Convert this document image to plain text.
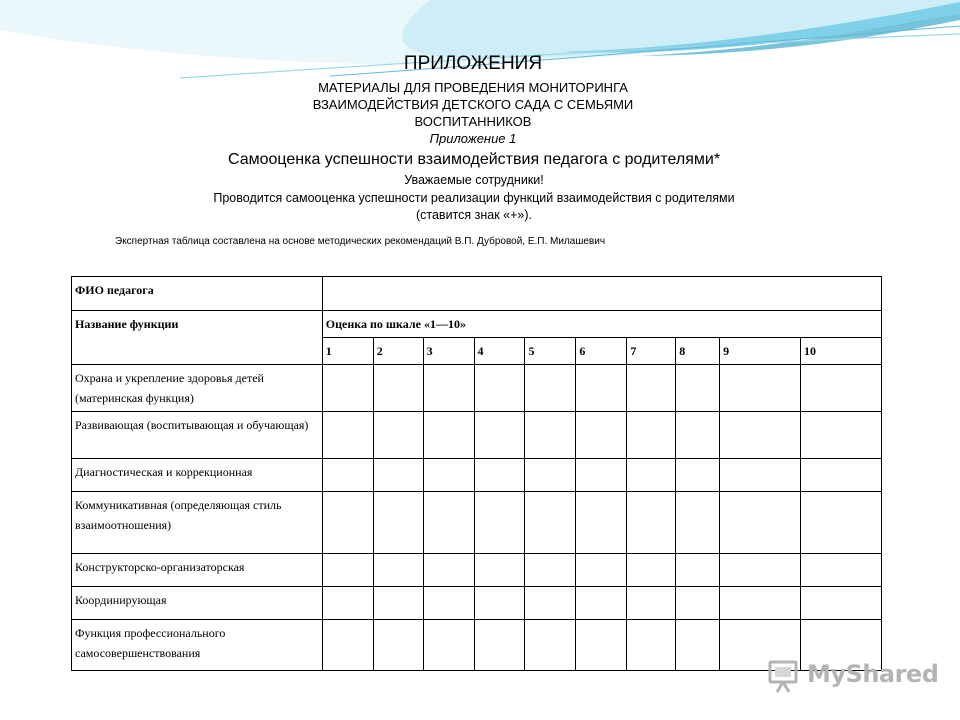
ПРИЛОЖЕНИЯ
МАТЕРИАЛЫ ДЛЯ ПРОВЕДЕНИЯ МОНИТОРИНГА
ВЗАИМОДЕЙСТВИЯ ДЕТСКОГО САДА С СЕМЬЯМИ
ВОСПИТАННИКОВ
Приложение 1
Самооценка успешности взаимодействия педагога с родителями*
Уважаемые сотрудники!
Проводится самооценка успешности реализации функций взаимодействия с родителями
(ставится знак «+»).
Экспертная таблица составлена на основе методических рекомендаций В.П. Дубровой, Е.П. Милашевич
ФИО педагога										
Название функции	Оценка по шкале «1—10»									
	1	2	3	4	5	6	7	8	9	10
Охрана и укрепление здоровья детей (материнская функция)										
Развивающая (воспитывающая и обучающая)										
Диагностическая и коррекционная										
Коммуникативная (определяющая стиль взаимоотношения)										
Конструкторско-организаторская										
Координирующая										
Функция профессионального самосовершенствования										
MyShared
